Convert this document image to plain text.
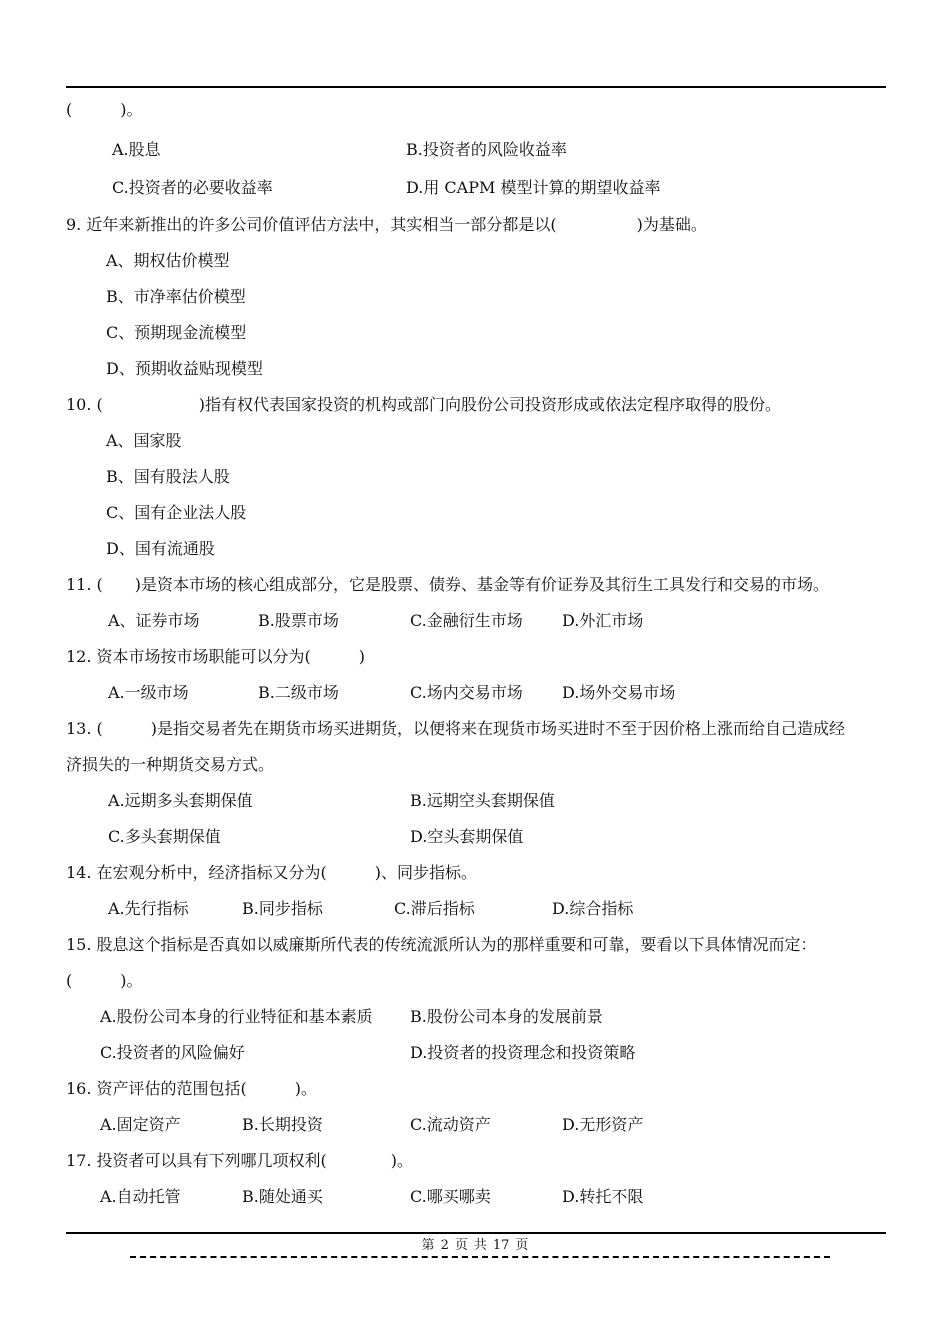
(　　　)。
A.股息	B.投资者的风险收益率
C.投资者的必要收益率	D.用 CAPM 模型计算的期望收益率
9. 近年来新推出的许多公司价值评估方法中，其实相当一部分都是以(　　　　　)为基础。
A、期权估价模型
B、市净率估价模型
C、预期现金流模型
D、预期收益贴现模型
10. (　　　　　　)指有权代表国家投资的机构或部门向股份公司投资形成或依法定程序取得的股份。
A、国家股
B、国有股法人股
C、国有企业法人股
D、国有流通股
11. (　　)是资本市场的核心组成部分，它是股票、债券、基金等有价证券及其衍生工具发行和交易的市场。
A、证券市场	B.股票市场	C.金融衍生市场 D.外汇市场
12. 资本市场按市场职能可以分为(　　　)
A.一级市场	B.二级市场	C.场内交易市场 D.场外交易市场
13. (　　　)是指交易者先在期货市场买进期货，以便将来在现货市场买进时不至于因价格上涨而给自己造成经
济损失的一种期货交易方式。
A.远期多头套期保值	B.远期空头套期保值
C.多头套期保值	D.空头套期保值
14. 在宏观分析中，经济指标又分为(　　　)、同步指标。
A.先行指标	B.同步指标	C.滞后指标	D.综合指标
15. 股息这个指标是否真如以威廉斯所代表的传统流派所认为的那样重要和可靠，要看以下具体情况而定：
(　　　)。
A.股份公司本身的行业特征和基本素质 B.股份公司本身的发展前景
C.投资者的风险偏好	D.投资者的投资理念和投资策略
16. 资产评估的范围包括(　　　)。
A.固定资产	B.长期投资	C.流动资产	D.无形资产
17. 投资者可以具有下列哪几项权利(　　　　)。
A.自动托管	B.随处通买	C.哪买哪卖	D.转托不限
第 2 页 共 17 页
